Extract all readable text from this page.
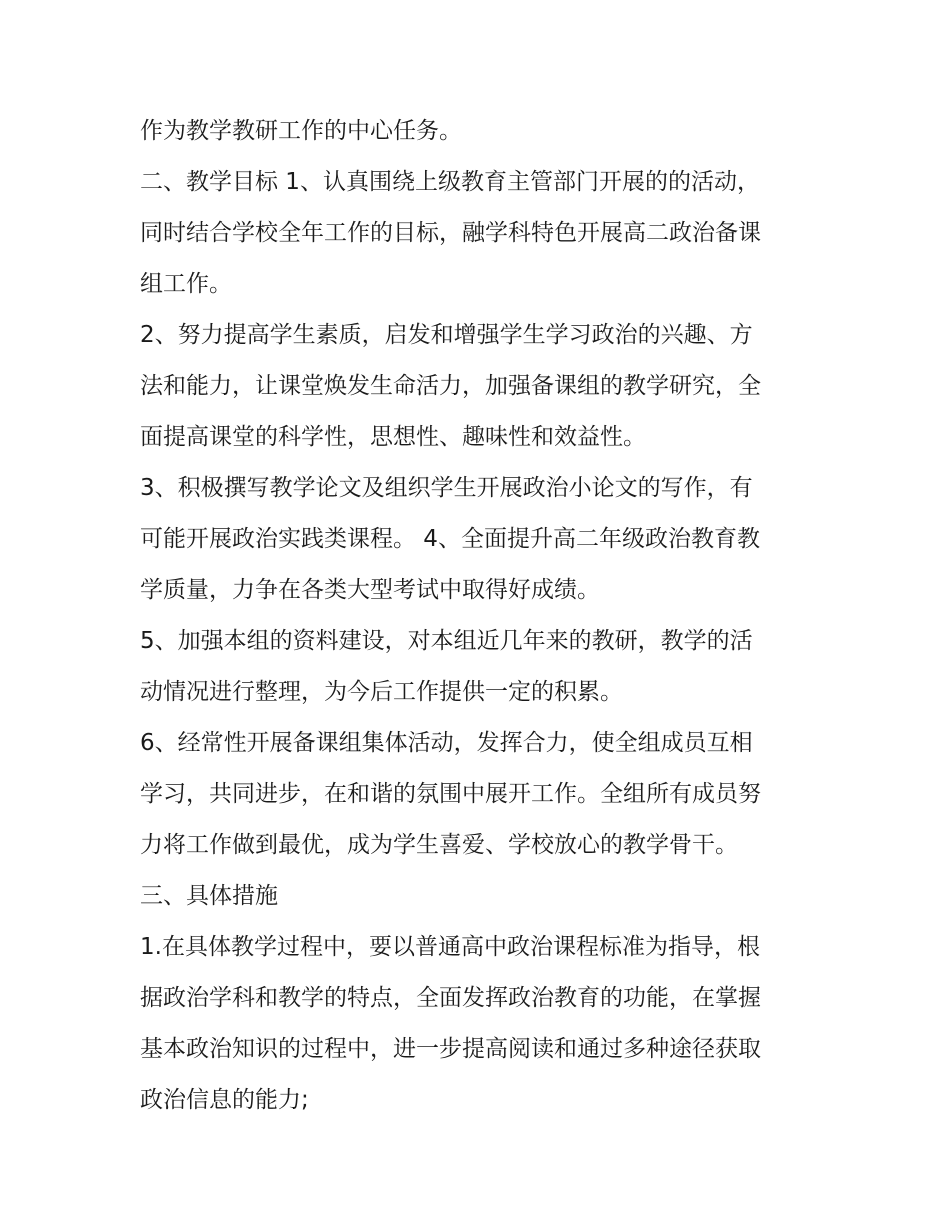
作为教学教研工作的中心任务。
二、教学目标 1、认真围绕上级教育主管部门开展的的活动，
同时结合学校全年工作的目标，融学科特色开展高二政治备课
组工作。
2、努力提高学生素质，启发和增强学生学习政治的兴趣、方
法和能力，让课堂焕发生命活力，加强备课组的教学研究，全
面提高课堂的科学性，思想性、趣味性和效益性。
3、积极撰写教学论文及组织学生开展政治小论文的写作，有
可能开展政治实践类课程。 4、全面提升高二年级政治教育教
学质量，力争在各类大型考试中取得好成绩。
5、加强本组的资料建设，对本组近几年来的教研，教学的活
动情况进行整理，为今后工作提供一定的积累。
6、经常性开展备课组集体活动，发挥合力，使全组成员互相
学习，共同进步，在和谐的氛围中展开工作。全组所有成员努
力将工作做到最优，成为学生喜爱、学校放心的教学骨干。
三、具体措施
1.在具体教学过程中，要以普通高中政治课程标准为指导，根
据政治学科和教学的特点，全面发挥政治教育的功能，在掌握
基本政治知识的过程中，进一步提高阅读和通过多种途径获取
政治信息的能力;
